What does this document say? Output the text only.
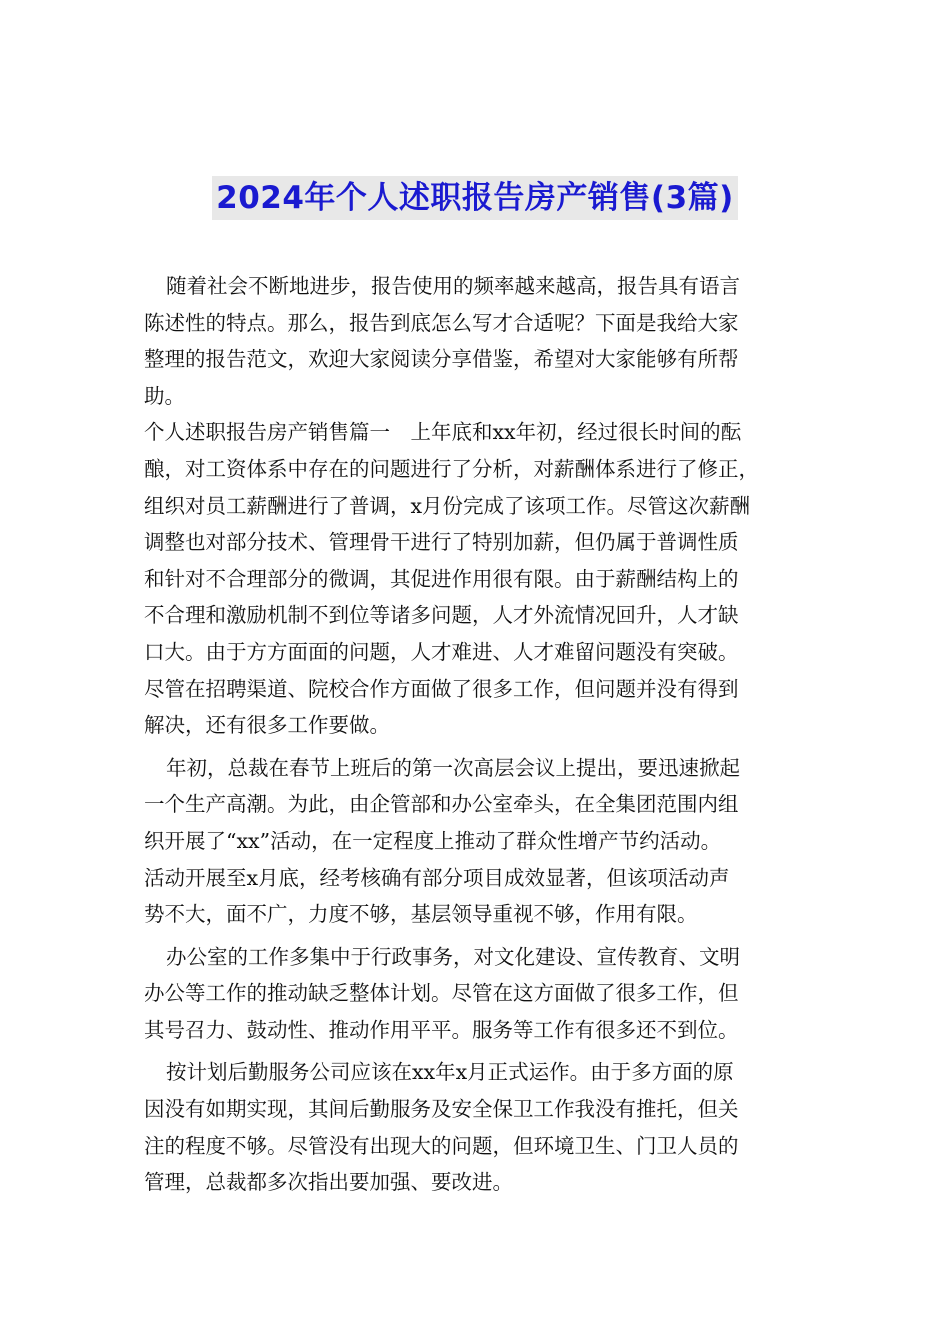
2024年个人述职报告房产销售(3篇)
随着社会不断地进步，报告使用的频率越来越高，报告具有语言
陈述性的特点。那么，报告到底怎么写才合适呢？下面是我给大家
整理的报告范文，欢迎大家阅读分享借鉴，希望对大家能够有所帮
助。
个人述职报告房产销售篇一　上年底和xx年初，经过很长时间的酝
酿，对工资体系中存在的问题进行了分析，对薪酬体系进行了修正，
组织对员工薪酬进行了普调，x月份完成了该项工作。尽管这次薪酬
调整也对部分技术、管理骨干进行了特别加薪，但仍属于普调性质
和针对不合理部分的微调，其促进作用很有限。由于薪酬结构上的
不合理和激励机制不到位等诸多问题，人才外流情况回升，人才缺
口大。由于方方面面的问题，人才难进、人才难留问题没有突破。
尽管在招聘渠道、院校合作方面做了很多工作，但问题并没有得到
解决，还有很多工作要做。
年初，总裁在春节上班后的第一次高层会议上提出，要迅速掀起
一个生产高潮。为此，由企管部和办公室牵头，在全集团范围内组
织开展了“xx”活动，在一定程度上推动了群众性增产节约活动。
活动开展至x月底，经考核确有部分项目成效显著，但该项活动声
势不大，面不广，力度不够，基层领导重视不够，作用有限。
办公室的工作多集中于行政事务，对文化建设、宣传教育、文明
办公等工作的推动缺乏整体计划。尽管在这方面做了很多工作，但
其号召力、鼓动性、推动作用平平。服务等工作有很多还不到位。
按计划后勤服务公司应该在xx年x月正式运作。由于多方面的原
因没有如期实现，其间后勤服务及安全保卫工作我没有推托，但关
注的程度不够。尽管没有出现大的问题，但环境卫生、门卫人员的
管理，总裁都多次指出要加强、要改进。
